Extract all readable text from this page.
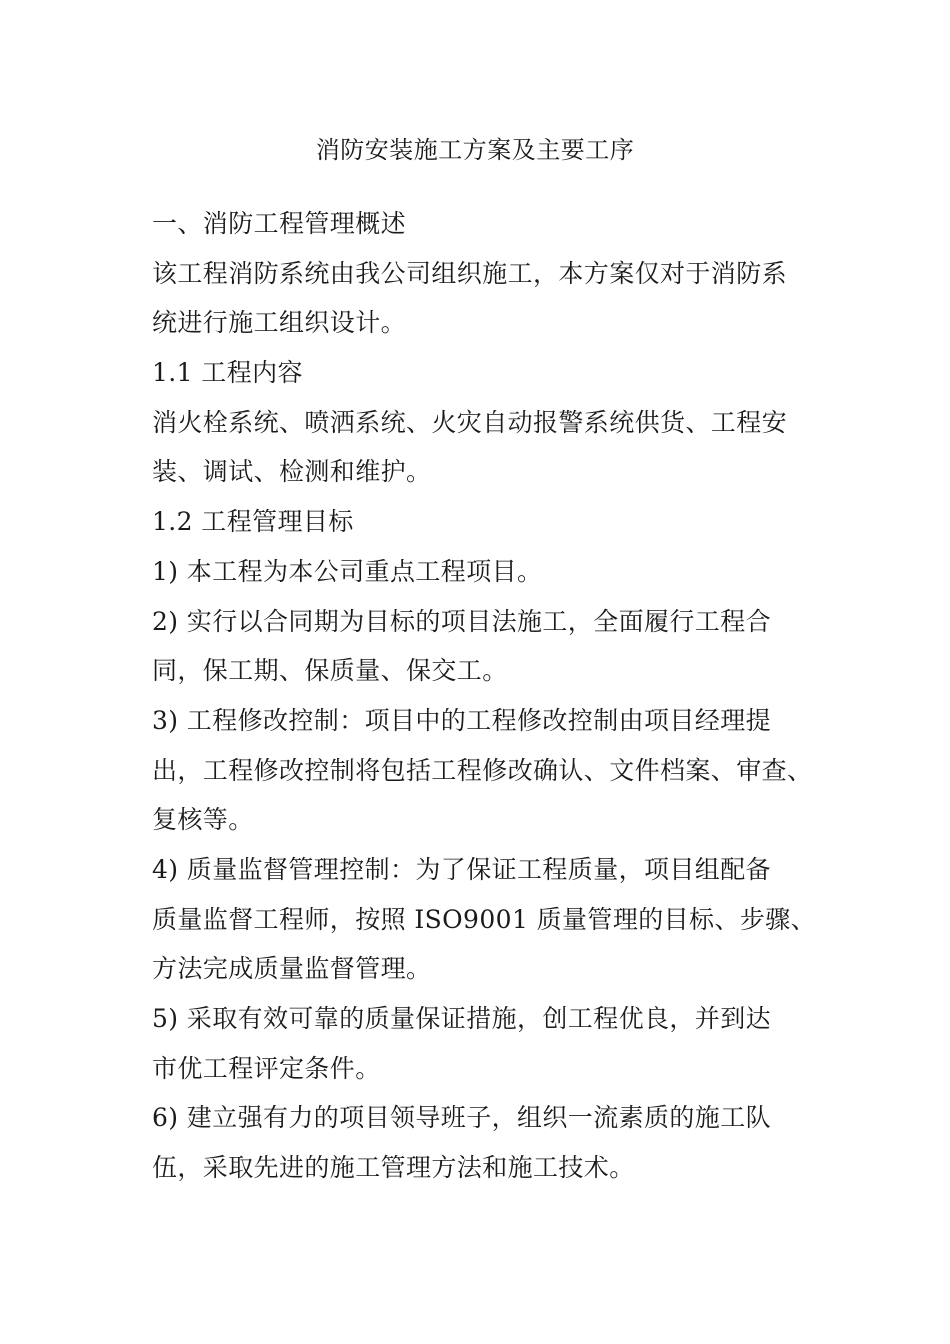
消防安装施工方案及主要工序
一、消防工程管理概述
该工程消防系统由我公司组织施工，本方案仅对于消防系
统进行施工组织设计。
1.1 工程内容
消火栓系统、喷洒系统、火灾自动报警系统供货、工程安
装、调试、检测和维护。
1.2 工程管理目标
1) 本工程为本公司重点工程项目。
2) 实行以合同期为目标的项目法施工，全面履行工程合
同，保工期、保质量、保交工。
3) 工程修改控制：项目中的工程修改控制由项目经理提
出，工程修改控制将包括工程修改确认、文件档案、审查、
复核等。
4) 质量监督管理控制：为了保证工程质量，项目组配备
质量监督工程师，按照 ISO9001 质量管理的目标、步骤、
方法完成质量监督管理。
5) 采取有效可靠的质量保证措施，创工程优良，并到达
市优工程评定条件。
6) 建立强有力的项目领导班子，组织一流素质的施工队
伍，采取先进的施工管理方法和施工技术。
